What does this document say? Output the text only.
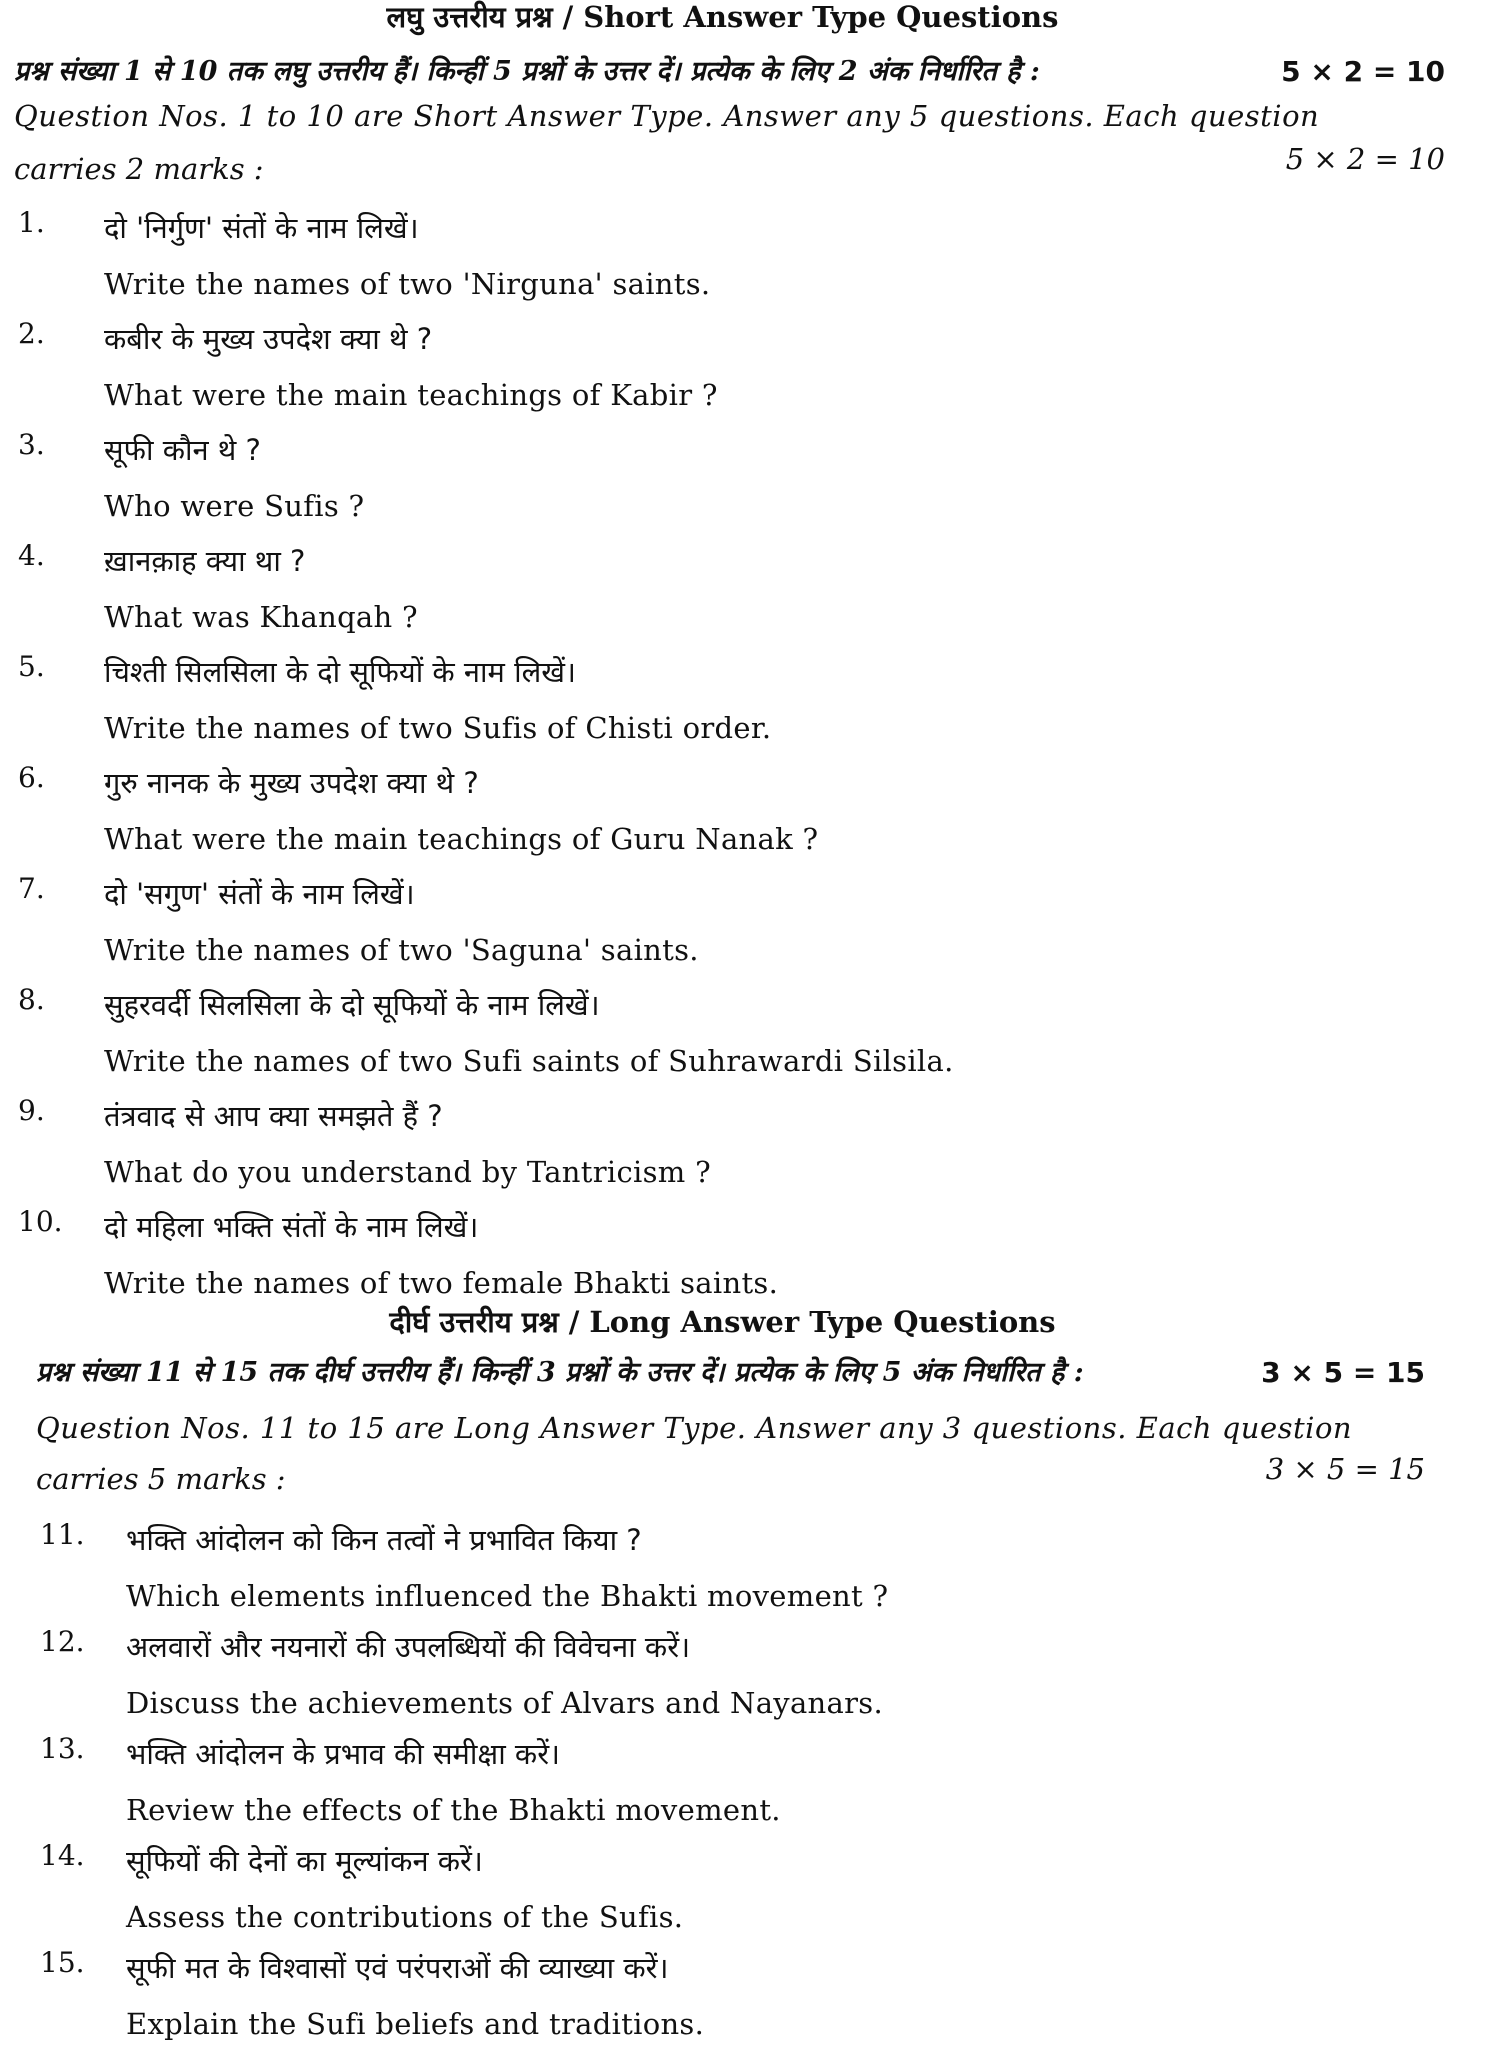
लघु उत्तरीय प्रश्न / Short Answer Type Questions
प्रश्न संख्या 1 से 10 तक लघु उत्तरीय हैं। किन्हीं 5 प्रश्नों के उत्तर दें। प्रत्येक के लिए 2 अंक निर्धारित है :	5 × 2 = 10
Question Nos. 1 to 10 are Short Answer Type. Answer any 5 questions. Each question
carries 2 marks :	5 × 2 = 10
1. दो 'निर्गुण' संतों के नाम लिखें।
Write the names of two 'Nirguna' saints.
2. कबीर के मुख्य उपदेश क्या थे ?
What were the main teachings of Kabir ?
3. सूफी कौन थे ?
Who were Sufis ?
4. ख़ानक़ाह क्या था ?
What was Khanqah ?
5. चिश्ती सिलसिला के दो सूफियों के नाम लिखें।
Write the names of two Sufis of Chisti order.
6. गुरु नानक के मुख्य उपदेश क्या थे ?
What were the main teachings of Guru Nanak ?
7. दो 'सगुण' संतों के नाम लिखें।
Write the names of two 'Saguna' saints.
8. सुहरवर्दी सिलसिला के दो सूफियों के नाम लिखें।
Write the names of two Sufi saints of Suhrawardi Silsila.
9. तंत्रवाद से आप क्या समझते हैं ?
What do you understand by Tantricism ?
10. दो महिला भक्ति संतों के नाम लिखें।
Write the names of two female Bhakti saints.
दीर्घ उत्तरीय प्रश्न / Long Answer Type Questions
प्रश्न संख्या 11 से 15 तक दीर्घ उत्तरीय हैं। किन्हीं 3 प्रश्नों के उत्तर दें। प्रत्येक के लिए 5 अंक निर्धारित है :	3 × 5 = 15
Question Nos. 11 to 15 are Long Answer Type. Answer any 3 questions. Each question
carries 5 marks :	3 × 5 = 15
11. भक्ति आंदोलन को किन तत्वों ने प्रभावित किया ?
Which elements influenced the Bhakti movement ?
12. अलवारों और नयनारों की उपलब्धियों की विवेचना करें।
Discuss the achievements of Alvars and Nayanars.
13. भक्ति आंदोलन के प्रभाव की समीक्षा करें।
Review the effects of the Bhakti movement.
14. सूफियों की देनों का मूल्यांकन करें।
Assess the contributions of the Sufis.
15. सूफी मत के विश्वासों एवं परंपराओं की व्याख्या करें।
Explain the Sufi beliefs and traditions.
